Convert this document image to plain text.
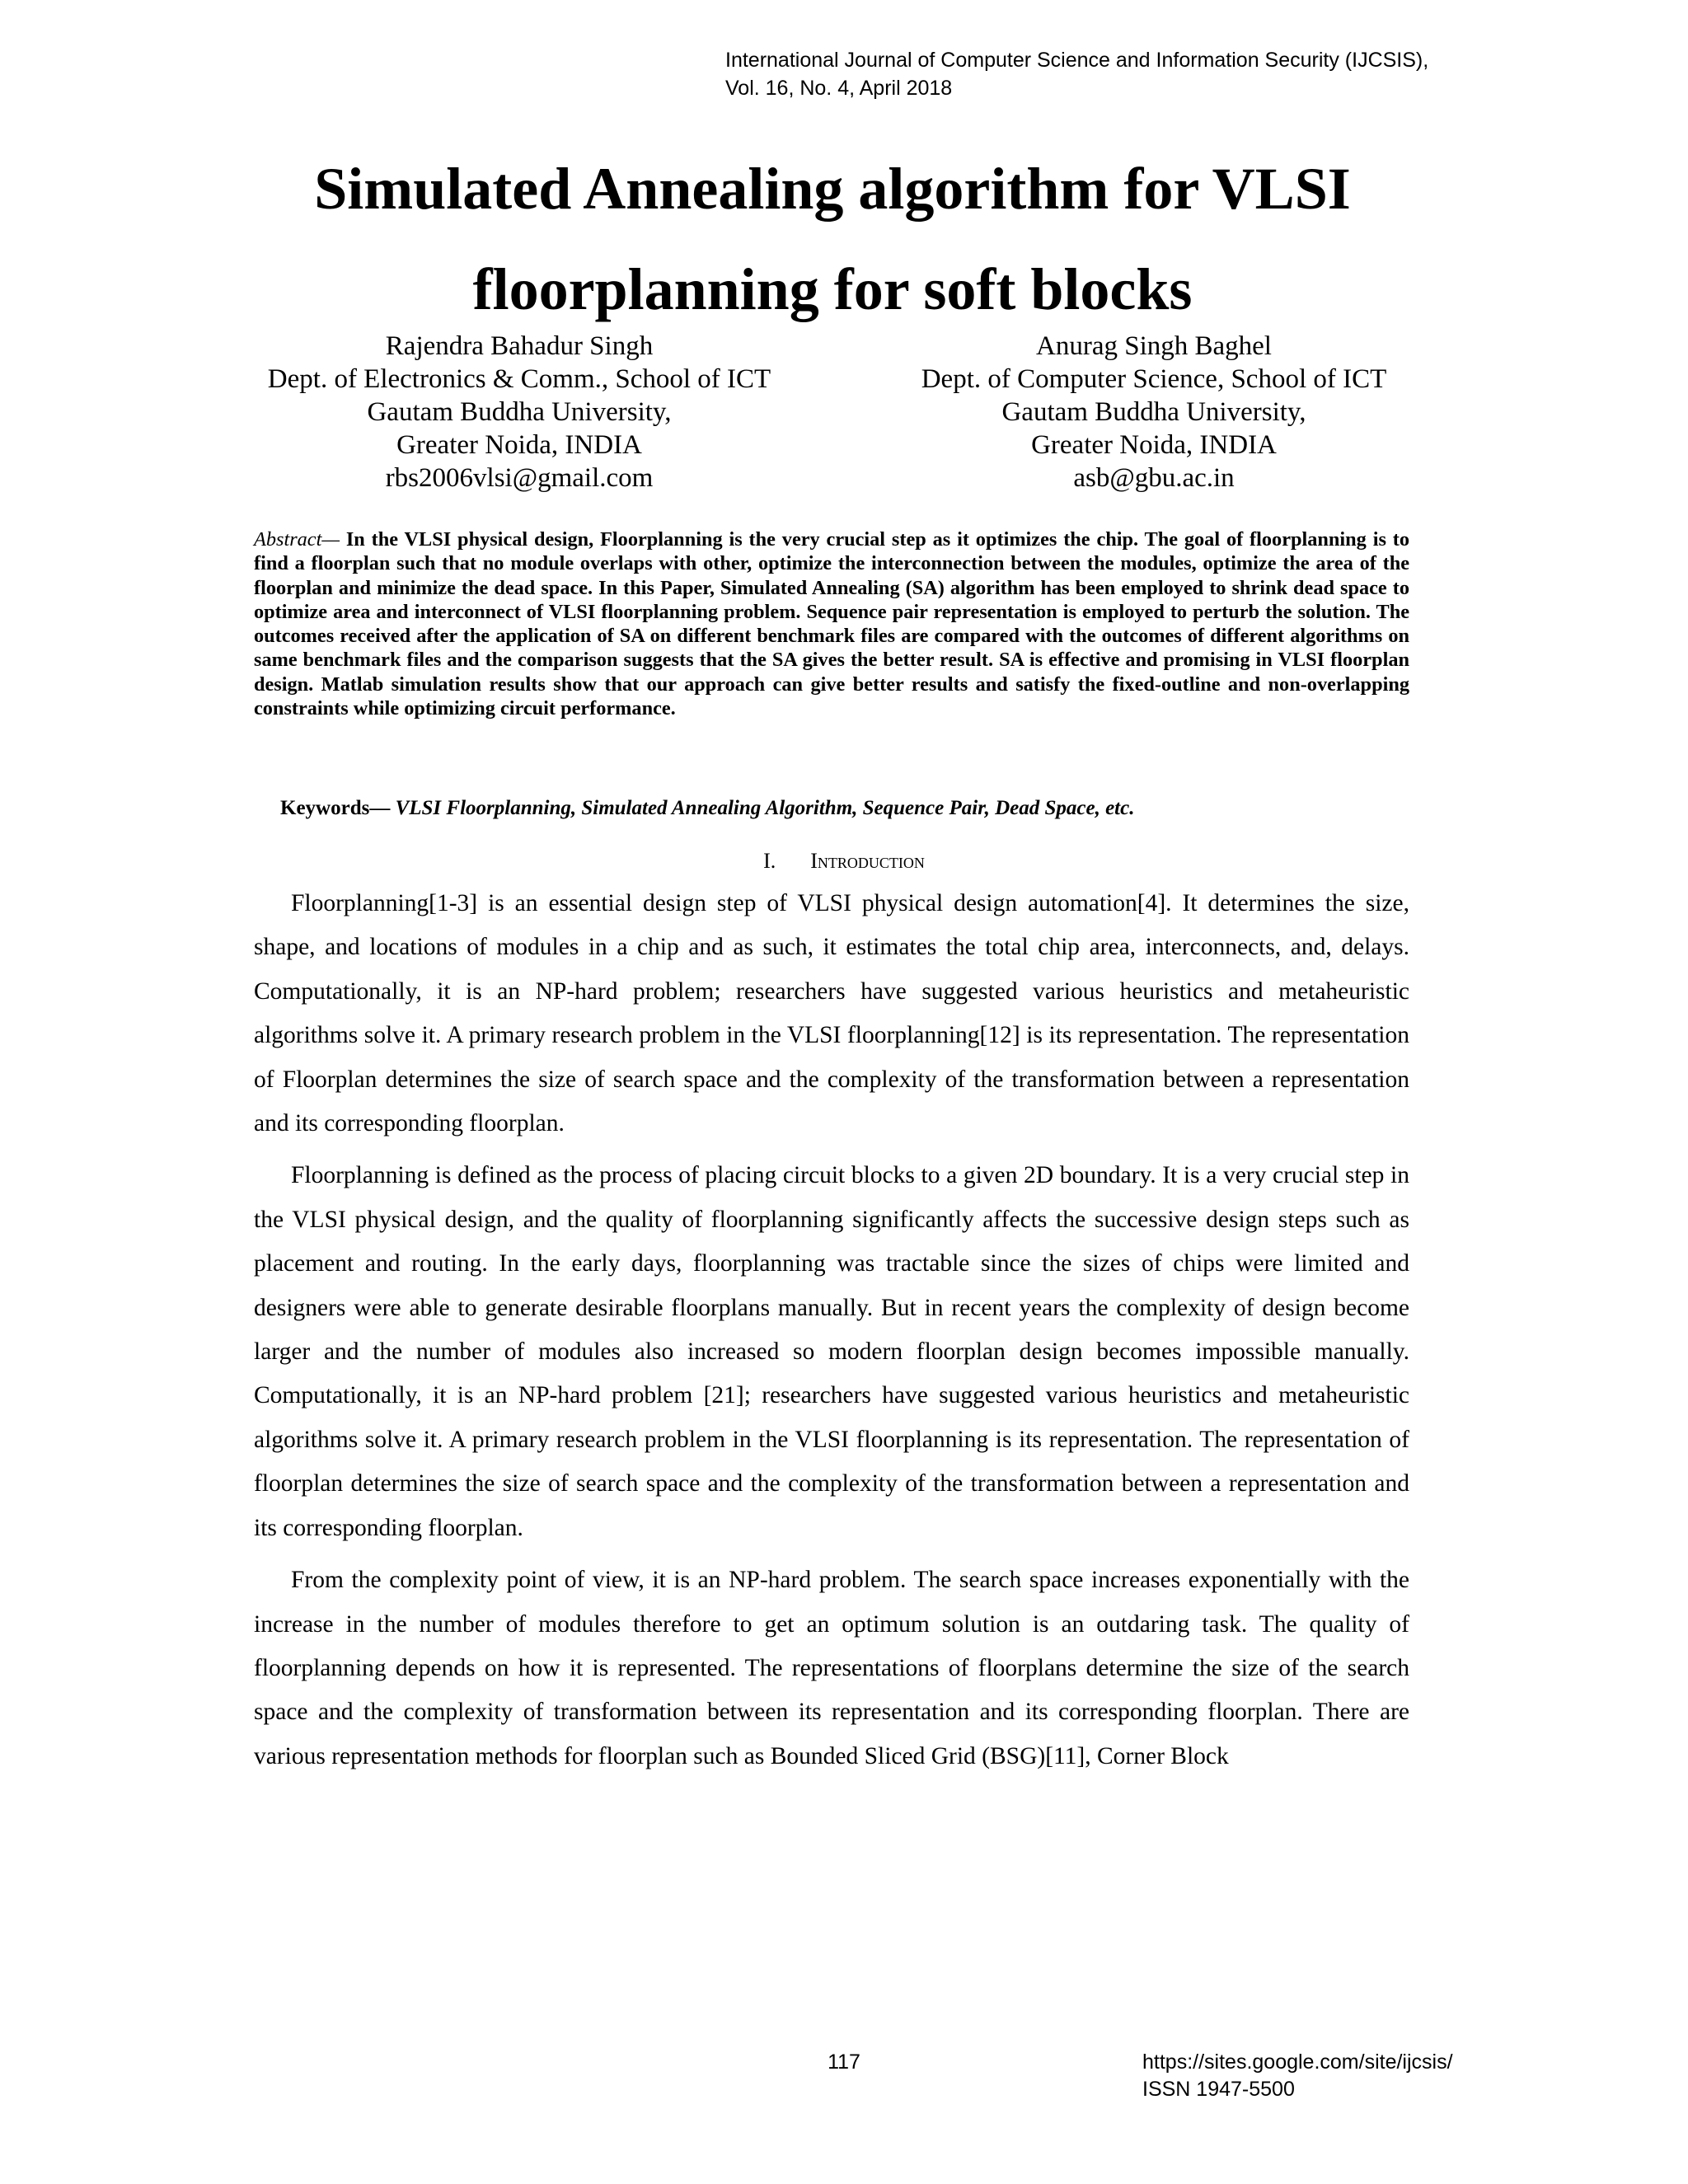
International Journal of Computer Science and Information Security (IJCSIS),
Vol. 16, No. 4, April 2018
Simulated Annealing algorithm for VLSI
floorplanning for soft blocks
Rajendra Bahadur Singh
Dept. of Electronics & Comm., School of ICT
Gautam Buddha University,
Greater Noida, INDIA
rbs2006vlsi@gmail.com
Anurag Singh Baghel
Dept. of Computer Science, School of ICT
Gautam Buddha University,
Greater Noida, INDIA
asb@gbu.ac.in
Abstract— In the VLSI physical design, Floorplanning is the very crucial step as it optimizes the chip. The goal of floorplanning is to find a floorplan such that no module overlaps with other, optimize the interconnection between the modules, optimize the area of the floorplan and minimize the dead space. In this Paper, Simulated Annealing (SA) algorithm has been employed to shrink dead space to optimize area and interconnect of VLSI floorplanning problem. Sequence pair representation is employed to perturb the solution. The outcomes received after the application of SA on different benchmark files are compared with the outcomes of different algorithms on same benchmark files and the comparison suggests that the SA gives the better result. SA is effective and promising in VLSI floorplan design. Matlab simulation results show that our approach can give better results and satisfy the fixed-outline and non-overlapping constraints while optimizing circuit performance.
Keywords— VLSI Floorplanning, Simulated Annealing Algorithm, Sequence Pair, Dead Space, etc.
I. Introduction

Floorplanning[1-3] is an essential design step of VLSI physical design automation[4]. It determines the size, shape, and locations of modules in a chip and as such, it estimates the total chip area, interconnects, and, delays. Computationally, it is an NP-hard problem; researchers have suggested various heuristics and metaheuristic algorithms solve it. A primary research problem in the VLSI floorplanning[12] is its representation. The representation of Floorplan determines the size of search space and the complexity of the transformation between a representation and its corresponding floorplan.

Floorplanning is defined as the process of placing circuit blocks to a given 2D boundary. It is a very crucial step in the VLSI physical design, and the quality of floorplanning significantly affects the successive design steps such as placement and routing. In the early days, floorplanning was tractable since the sizes of chips were limited and designers were able to generate desirable floorplans manually. But in recent years the complexity of design become larger and the number of modules also increased so modern floorplan design becomes impossible manually. Computationally, it is an NP-hard problem [21]; researchers have suggested various heuristics and metaheuristic algorithms solve it. A primary research problem in the VLSI floorplanning is its representation. The representation of floorplan determines the size of search space and the complexity of the transformation between a representation and its corresponding floorplan.

From the complexity point of view, it is an NP-hard problem. The search space increases exponentially with the increase in the number of modules therefore to get an optimum solution is an outdaring task. The quality of floorplanning depends on how it is represented. The representations of floorplans determine the size of the search space and the complexity of transformation between its representation and its corresponding floorplan. There are various representation methods for floorplan such as Bounded Sliced Grid (BSG)[11], Corner Block

117	https://sites.google.com/site/ijcsis/
ISSN 1947-5500
